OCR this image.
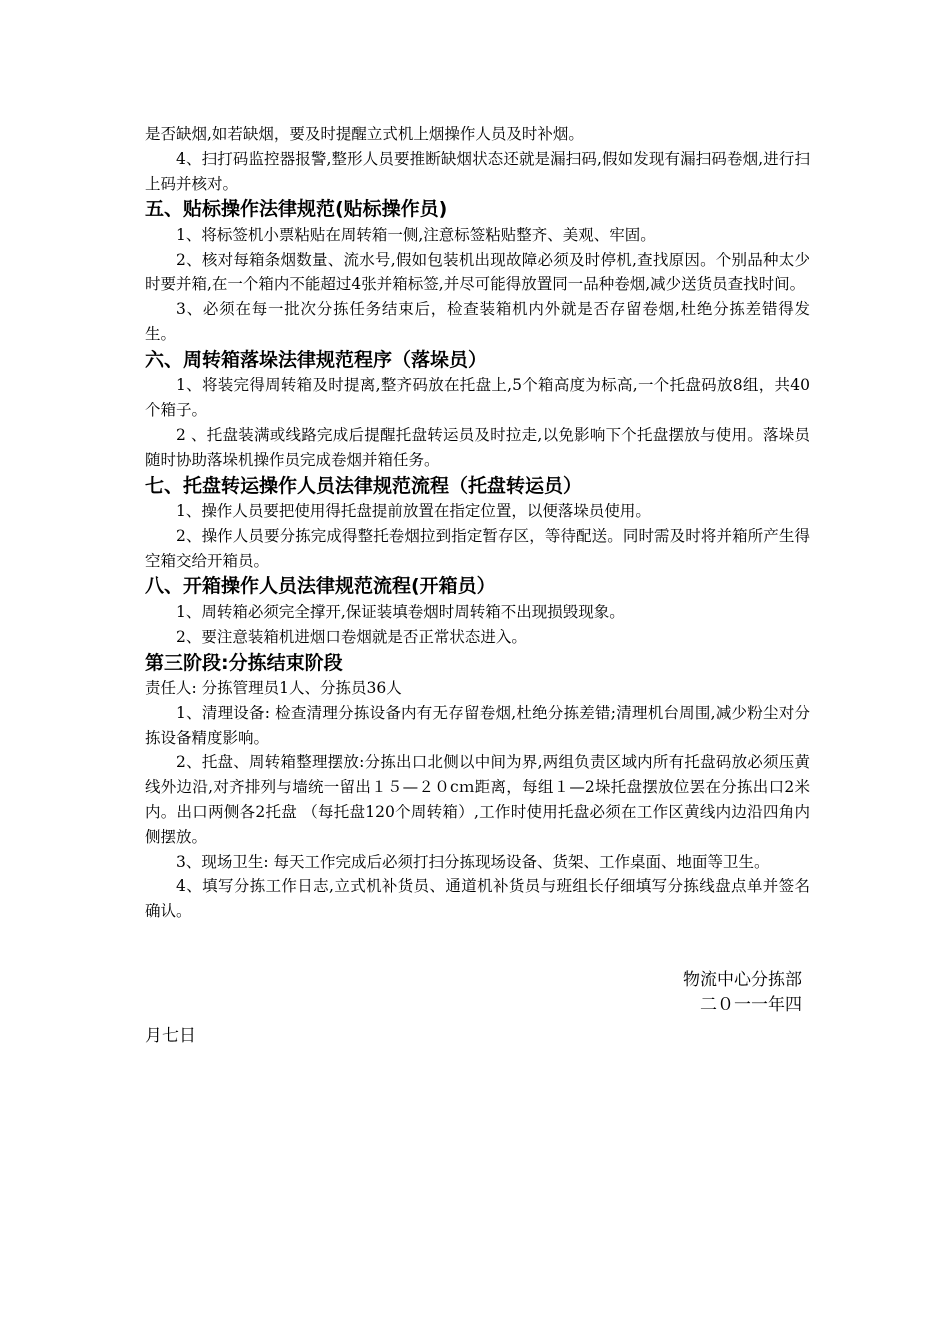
是否缺烟,如若缺烟，要及时提醒立式机上烟操作人员及时补烟。

4、扫打码监控器报警,整形人员要推断缺烟状态还就是漏扫码,假如发现有漏扫码卷烟,进行扫上码并核对。

五、贴标操作法律规范(贴标操作员)

1、将标签机小票粘贴在周转箱一侧,注意标签粘贴整齐、美观、牢固。

2、核对每箱条烟数量、流水号,假如包装机出现故障必须及时停机,查找原因。个别品种太少时要并箱,在一个箱内不能超过4张并箱标签,并尽可能得放置同一品种卷烟,减少送货员查找时间。

3、必须在每一批次分拣任务结束后，检查装箱机内外就是否存留卷烟,杜绝分拣差错得发生。

六、周转箱落垛法律规范程序（落垛员）

1、将装完得周转箱及时提离,整齐码放在托盘上,5个箱高度为标高,一个托盘码放8组，共40个箱子。

2 、托盘装满或线路完成后提醒托盘转运员及时拉走,以免影响下个托盘摆放与使用。落垛员随时协助落垛机操作员完成卷烟并箱任务。

七、托盘转运操作人员法律规范流程（托盘转运员）

1、操作人员要把使用得托盘提前放置在指定位置，以便落垛员使用。

2、操作人员要分拣完成得整托卷烟拉到指定暂存区，等待配送。同时需及时将并箱所产生得空箱交给开箱员。

八、开箱操作人员法律规范流程(开箱员）

1、周转箱必须完全撑开,保证装填卷烟时周转箱不出现损毁现象。

2、要注意装箱机进烟口卷烟就是否正常状态进入。

第三阶段:分拣结束阶段

责任人: 分拣管理员1人、分拣员36人

1、清理设备: 检查清理分拣设备内有无存留卷烟,杜绝分拣差错;清理机台周围,减少粉尘对分拣设备精度影响。

2、托盘、周转箱整理摆放:分拣出口北侧以中间为界,两组负责区域内所有托盘码放必须压黄线外边沿,对齐排列与墙统一留出１５—２０cｍ距离，每组１—2垛托盘摆放位罢在分拣出口2米内。出口两侧各2托盘 （每托盘120个周转箱）,工作时使用托盘必须在工作区黄线内边沿四角内侧摆放。

3、现场卫生: 每天工作完成后必须打扫分拣现场设备、货架、工作桌面、地面等卫生。

4、填写分拣工作日志,立式机补货员、通道机补货员与班组长仔细填写分拣线盘点单并签名确认。

物流中心分拣部

二０一一年四

月七日
